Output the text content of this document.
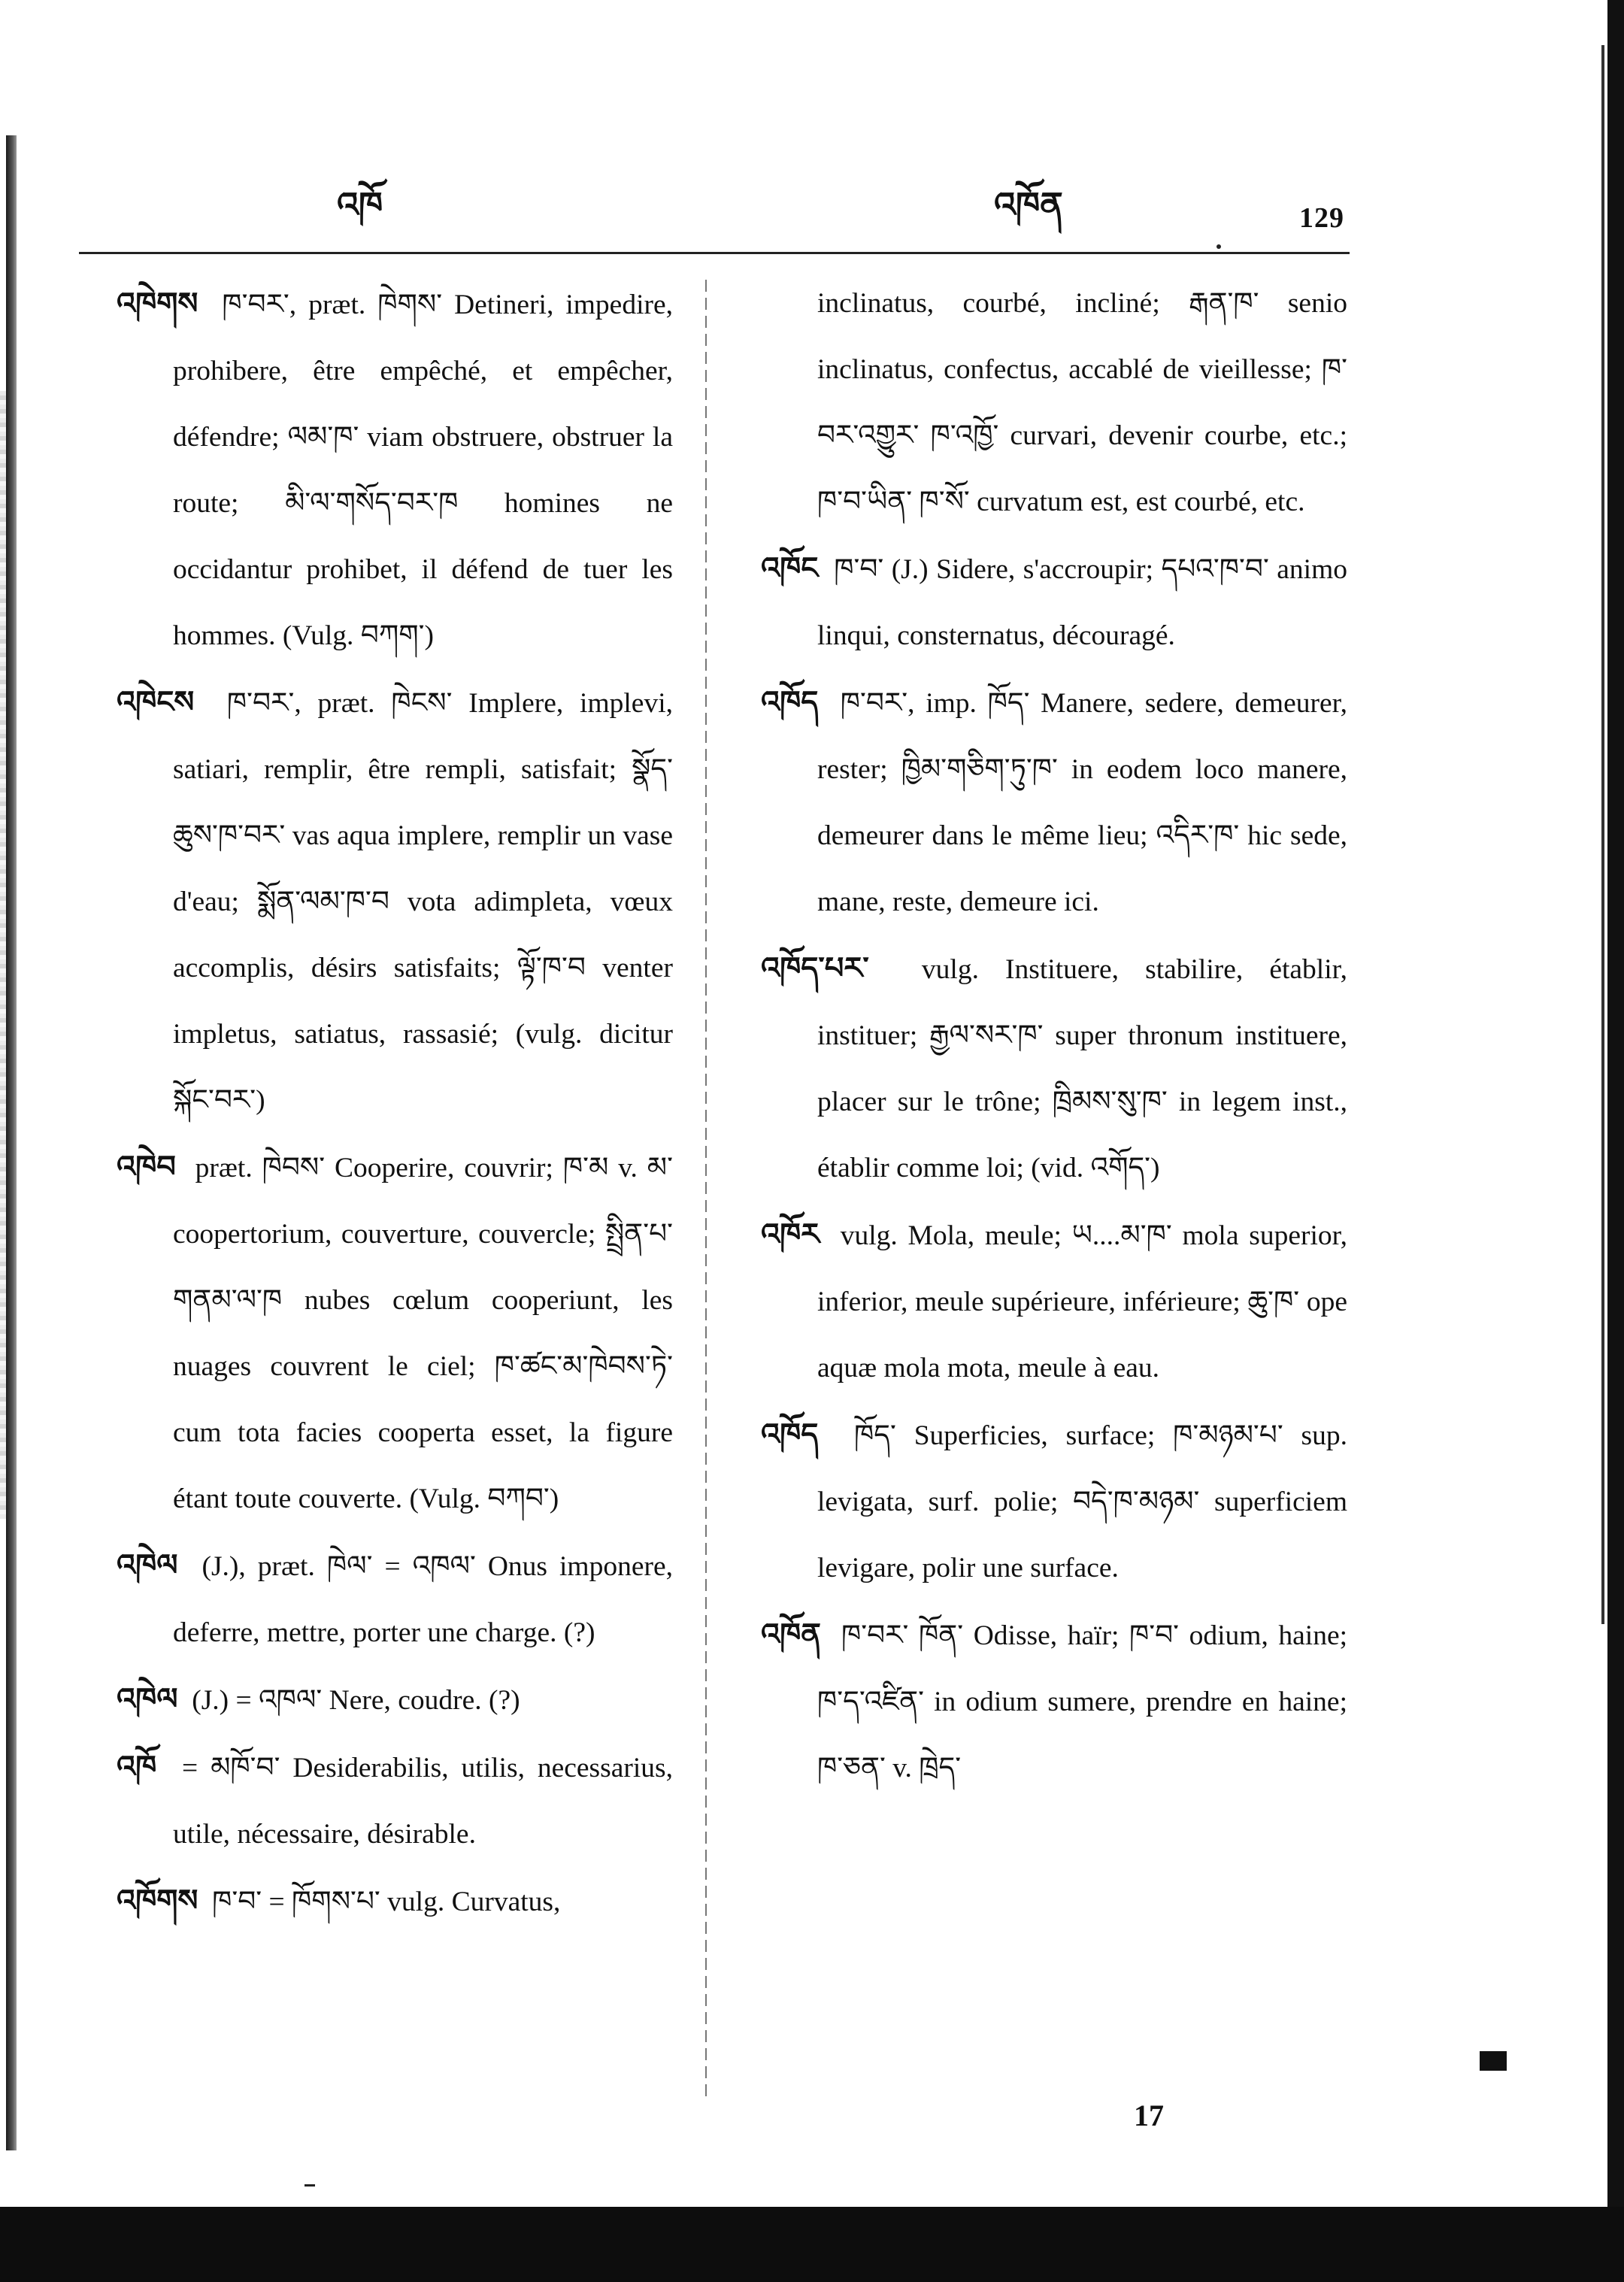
འཁོ	འཁོན	129

འཁེགས ཁ་བར་, præt. ཁེགས་ Detineri, impedire, prohibere, être empêché, et empêcher, défendre; ལམ་ཁ་ viam obstruere, obstruer la route; མི་ལ་གསོད་བར་ཁ homines ne occidantur prohibet, il défend de tuer les hommes. (Vulg. བཀག་)

འཁེངས ཁ་བར་, præt. ཁེངས་ Implere, implevi, satiari, remplir, être rempli, satisfait; སྣོད་ཆུས་ཁ་བར་ vas aqua implere, remplir un vase d'eau; སྨོན་ལམ་ཁ་བ vota adimpleta, vœux accomplis, désirs satisfaits; ལྟོ་ཁ་བ venter impletus, satiatus, rassasié; (vulg. dicitur སྐོང་བར་)

འཁེབ præt. ཁེབས་ Cooperire, couvrir; ཁ་མ v. མ་ coopertorium, couverture, couvercle; སྤྲིན་པ་གནམ་ལ་ཁ nubes cœlum cooperiunt, les nuages couvrent le ciel; ཁ་ཚང་མ་ཁེབས་ཏེ་ cum tota facies cooperta esset, la figure étant toute couverte. (Vulg. བཀབ་)

འཁེལ (J.), præt. ཁེལ་ = འཁལ་ Onus imponere, deferre, mettre, porter une charge. (?)

འཁེལ (J.) = འཁལ་ Nere, coudre. (?)

འཁོ = མཁོ་བ་ Desiderabilis, utilis, necessarius, utile, nécessaire, désirable.

འཁོགས ཁ་བ་ = ཁོགས་པ་ vulg. Curvatus,

inclinatus, courbé, incliné; རྒན་ཁ་ senio inclinatus, confectus, accablé de vieillesse; ཁ་བར་འགྱུར་ ཁ་འཁྱོ་ curvari, devenir courbe, etc.; ཁ་བ་ཡིན་ ཁ་སོ་ curvatum est, est courbé, etc.

འཁོང ཁ་བ་ (J.) Sidere, s'accroupir; དཔའ་ཁ་བ་ animo linqui, consternatus, découragé.

འཁོད ཁ་བར་, imp. ཁོད་ Manere, sedere, demeurer, rester; ཁྱིམ་གཅིག་ཏུ་ཁ་ in eodem loco manere, demeurer dans le même lieu; འདིར་ཁ་ hic sede, mane, reste, demeure ici.

འཁོད་པར་ vulg. Instituere, stabilire, établir, instituer; རྒྱལ་སར་ཁ་ super thronum instituere, placer sur le trône; ཁྲིམས་སུ་ཁ་ in legem inst., établir comme loi; (vid. འགོད་)

འཁོར vulg. Mola, meule; ཡ....མ་ཁ་ mola superior, inferior, meule supérieure, inférieure; ཆུ་ཁ་ ope aquæ mola mota, meule à eau.

འཁོད ཁོད་ Superficies, surface; ཁ་མཉམ་པ་ sup. levigata, surf. polie; བདེ་ཁ་མཉམ་ superficiem levigare, polir une surface.

འཁོན ཁ་བར་ ཁོན་ Odisse, haïr; ཁ་བ་ odium, haine; ཁ་ད་འཛིན་ in odium sumere, prendre en haine; ཁ་ཅན་ v. ཁྲེད་

17
